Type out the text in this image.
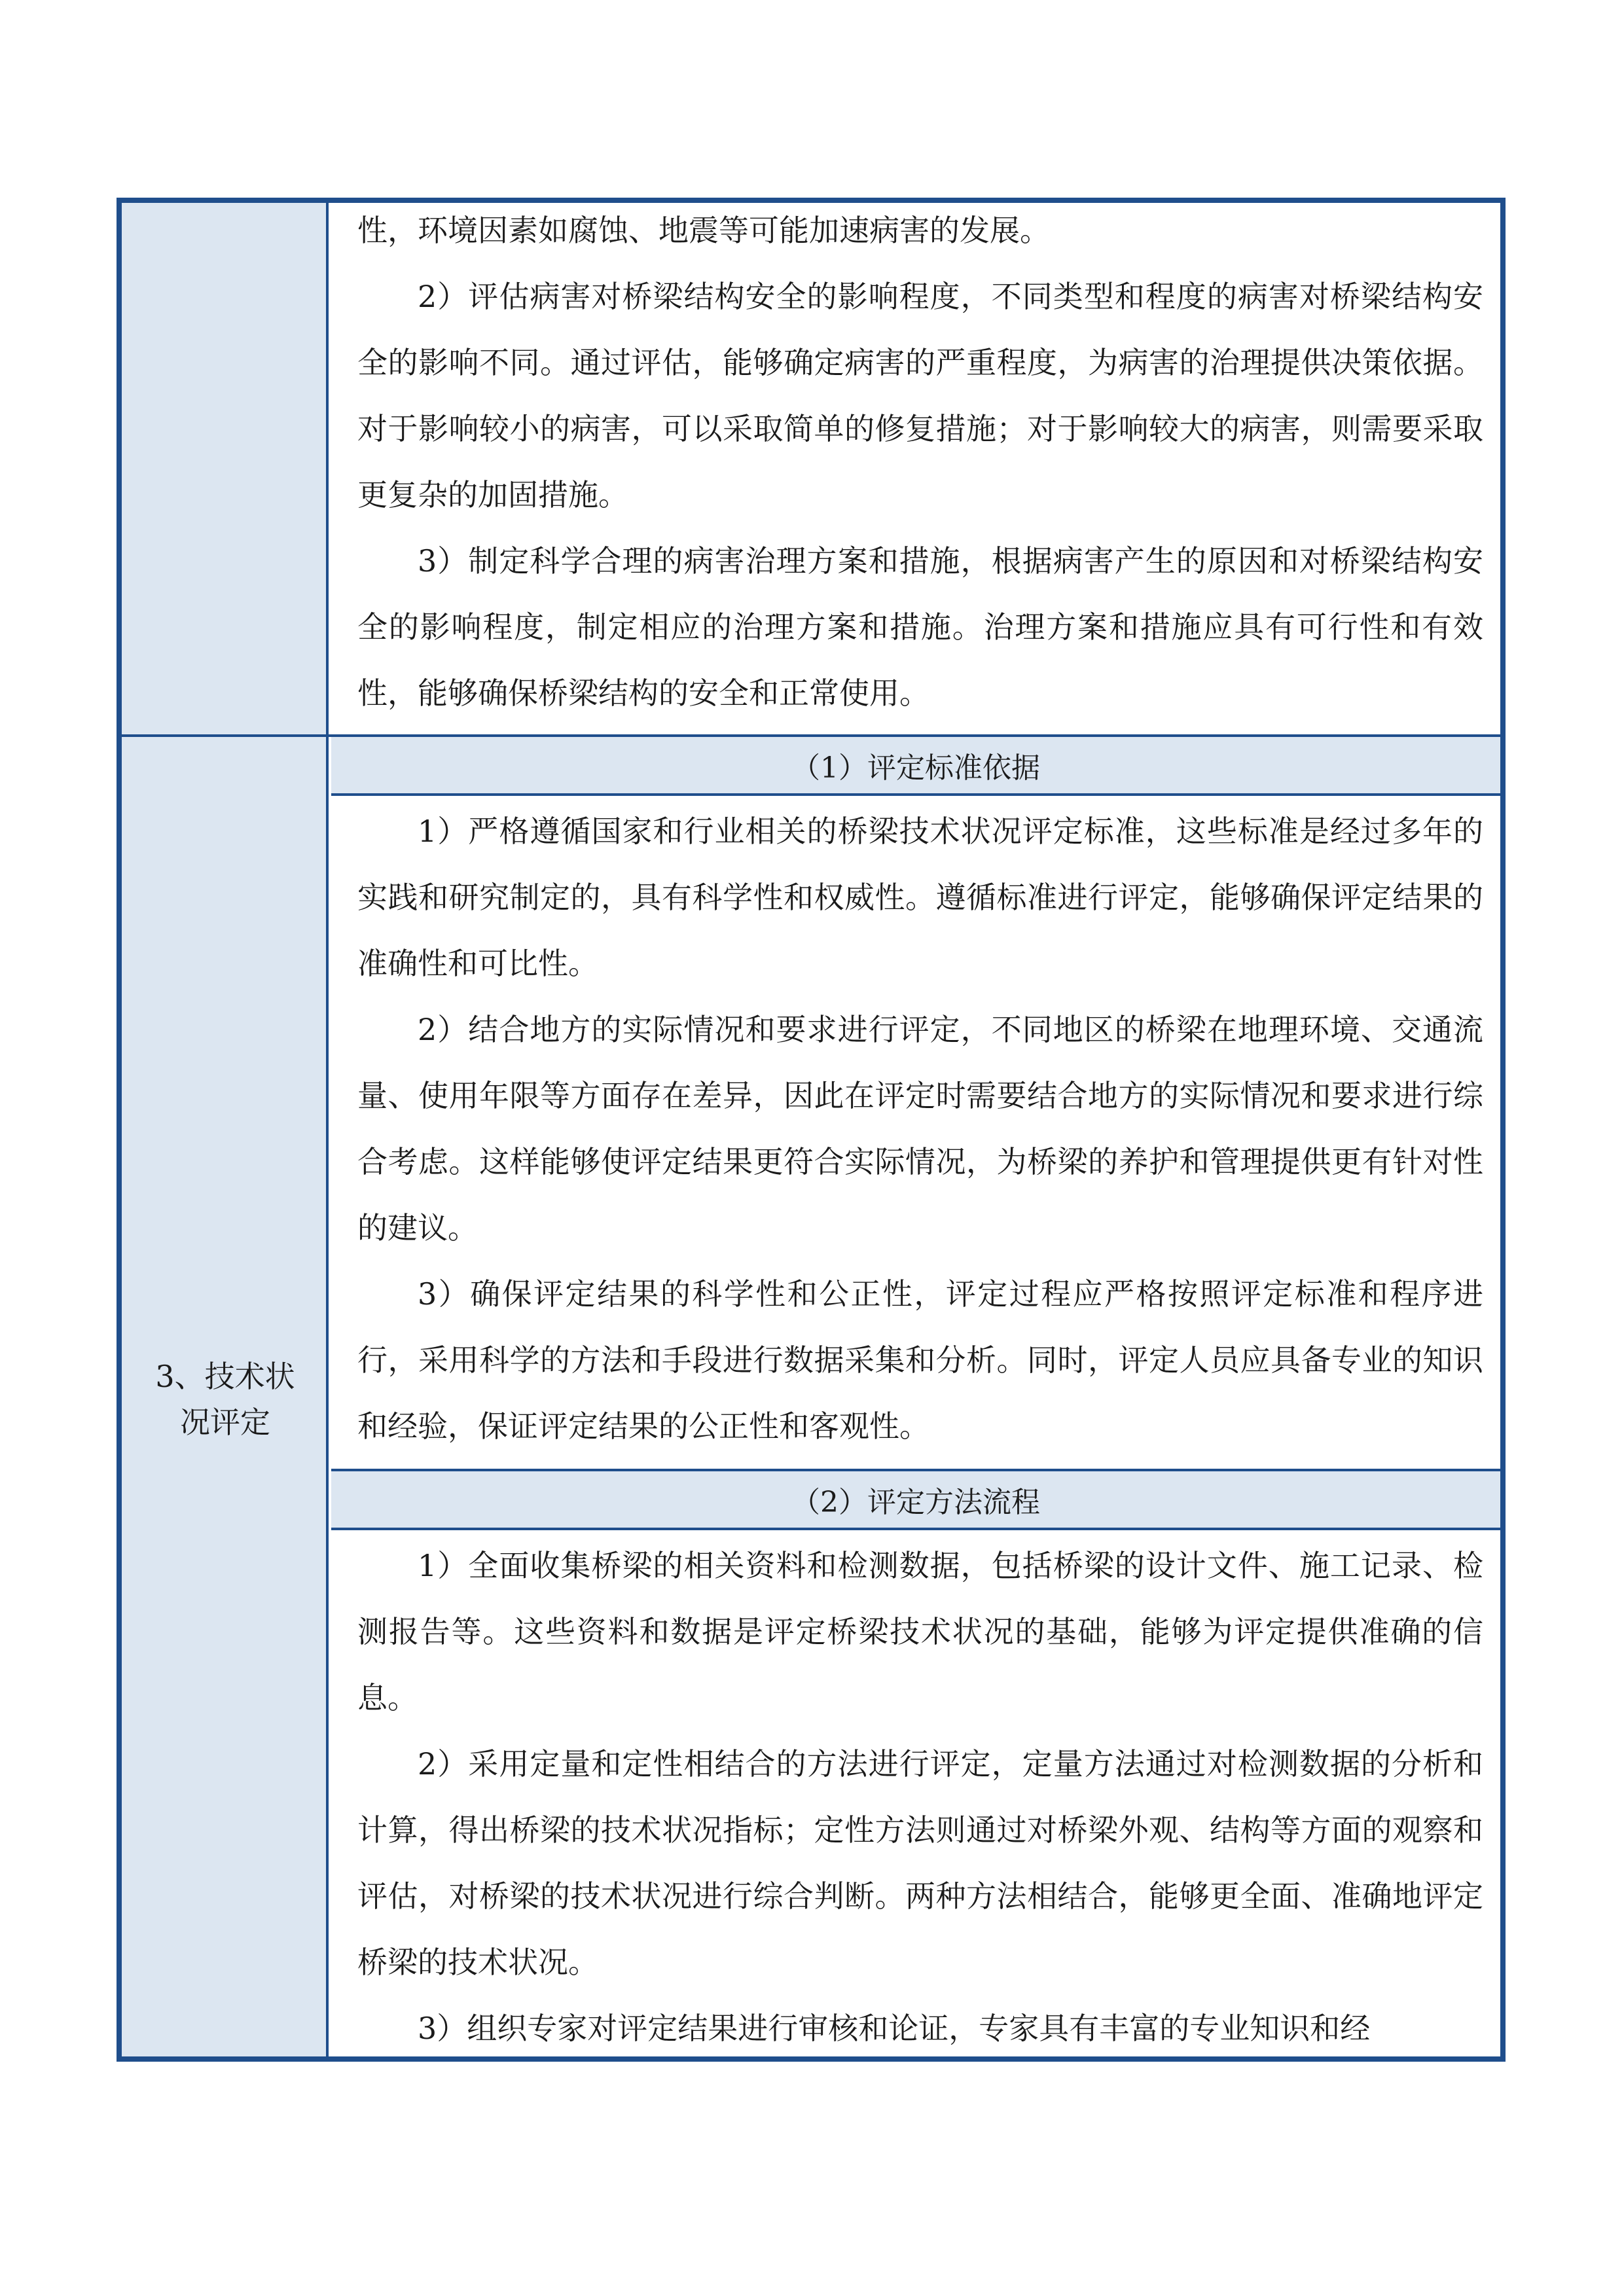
3、技术状
况评定

性，环境因素如腐蚀、地震等可能加速病害的发展。

2）评估病害对桥梁结构安全的影响程度，不同类型和程度的病害对桥梁结构安全的影响不同。通过评估，能够确定病害的严重程度，为病害的治理提供决策依据。对于影响较小的病害，可以采取简单的修复措施；对于影响较大的病害，则需要采取更复杂的加固措施。

3）制定科学合理的病害治理方案和措施，根据病害产生的原因和对桥梁结构安全的影响程度，制定相应的治理方案和措施。治理方案和措施应具有可行性和有效性，能够确保桥梁结构的安全和正常使用。

（1）评定标准依据

1）严格遵循国家和行业相关的桥梁技术状况评定标准，这些标准是经过多年的实践和研究制定的，具有科学性和权威性。遵循标准进行评定，能够确保评定结果的准确性和可比性。

2）结合地方的实际情况和要求进行评定，不同地区的桥梁在地理环境、交通流量、使用年限等方面存在差异，因此在评定时需要结合地方的实际情况和要求进行综合考虑。这样能够使评定结果更符合实际情况，为桥梁的养护和管理提供更有针对性的建议。

3）确保评定结果的科学性和公正性，评定过程应严格按照评定标准和程序进行，采用科学的方法和手段进行数据采集和分析。同时，评定人员应具备专业的知识和经验，保证评定结果的公正性和客观性。

（2）评定方法流程

1）全面收集桥梁的相关资料和检测数据，包括桥梁的设计文件、施工记录、检测报告等。这些资料和数据是评定桥梁技术状况的基础，能够为评定提供准确的信息。

2）采用定量和定性相结合的方法进行评定，定量方法通过对检测数据的分析和计算，得出桥梁的技术状况指标；定性方法则通过对桥梁外观、结构等方面的观察和评估，对桥梁的技术状况进行综合判断。两种方法相结合，能够更全面、准确地评定桥梁的技术状况。

3）组织专家对评定结果进行审核和论证，专家具有丰富的专业知识和经
